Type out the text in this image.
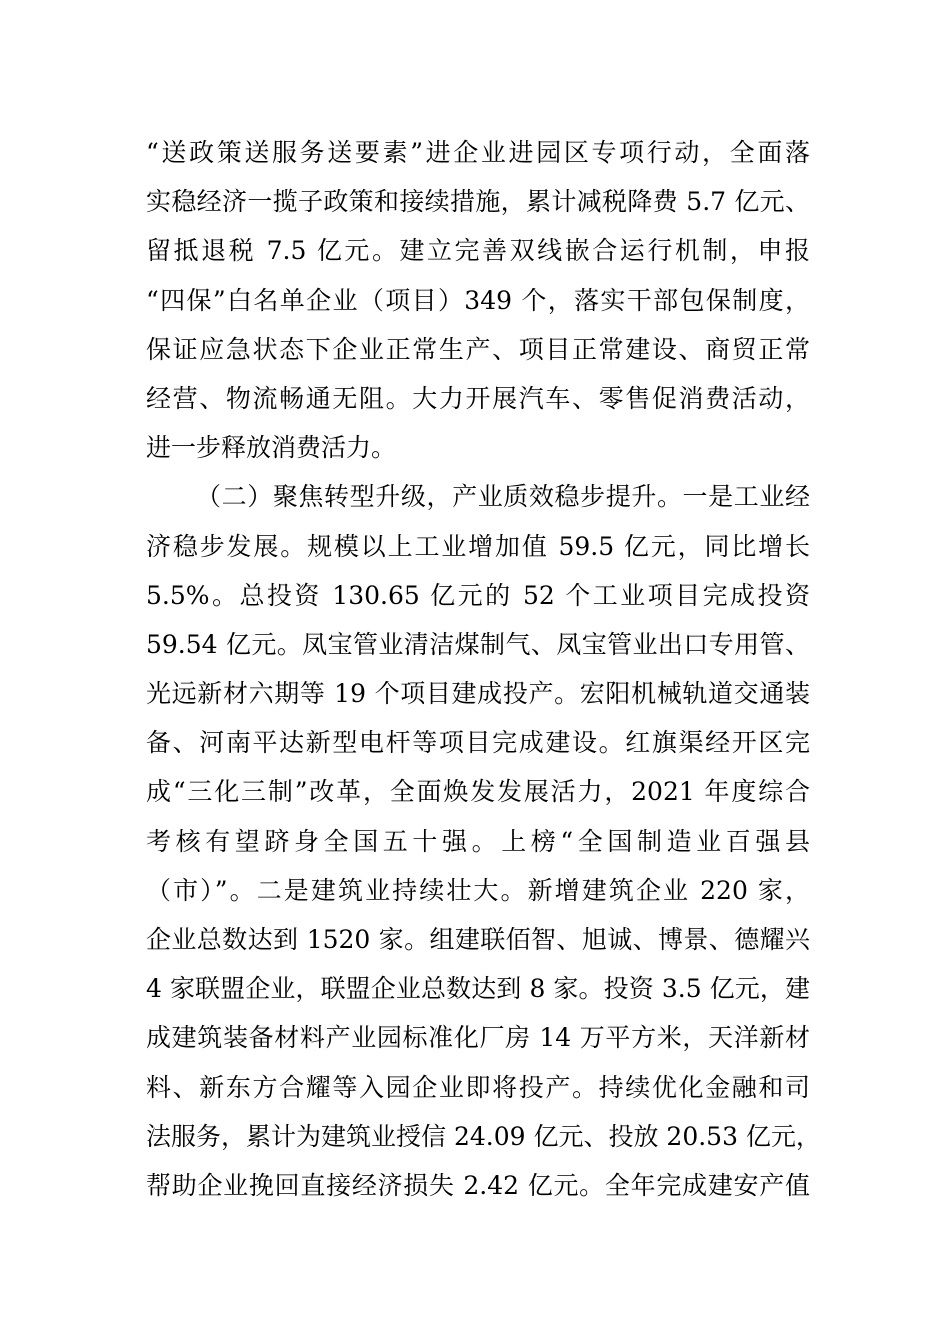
“送政策送服务送要素”进企业进园区专项行动，全面落
实稳经济一揽子政策和接续措施，累计减税降费 5.7 亿元、
留抵退税 7.5 亿元。建立完善双线嵌合运行机制，申报
“四保”白名单企业（项目）349 个，落实干部包保制度，
保证应急状态下企业正常生产、项目正常建设、商贸正常
经营、物流畅通无阻。大力开展汽车、零售促消费活动，
进一步释放消费活力。
（二）聚焦转型升级，产业质效稳步提升。一是工业经
济稳步发展。规模以上工业增加值 59.5 亿元，同比增长
5.5%。总投资 130.65 亿元的 52 个工业项目完成投资
59.54 亿元。凤宝管业清洁煤制气、凤宝管业出口专用管、
光远新材六期等 19 个项目建成投产。宏阳机械轨道交通装
备、河南平达新型电杆等项目完成建设。红旗渠经开区完
成“三化三制”改革，全面焕发发展活力，2021 年度综合
考核有望跻身全国五十强。上榜“全国制造业百强县
（市）”。二是建筑业持续壮大。新增建筑企业 220 家，
企业总数达到 1520 家。组建联佰智、旭诚、博景、德耀兴
4 家联盟企业，联盟企业总数达到 8 家。投资 3.5 亿元，建
成建筑装备材料产业园标准化厂房 14 万平方米，天洋新材
料、新东方合耀等入园企业即将投产。持续优化金融和司
法服务，累计为建筑业授信 24.09 亿元、投放 20.53 亿元，
帮助企业挽回直接经济损失 2.42 亿元。全年完成建安产值
